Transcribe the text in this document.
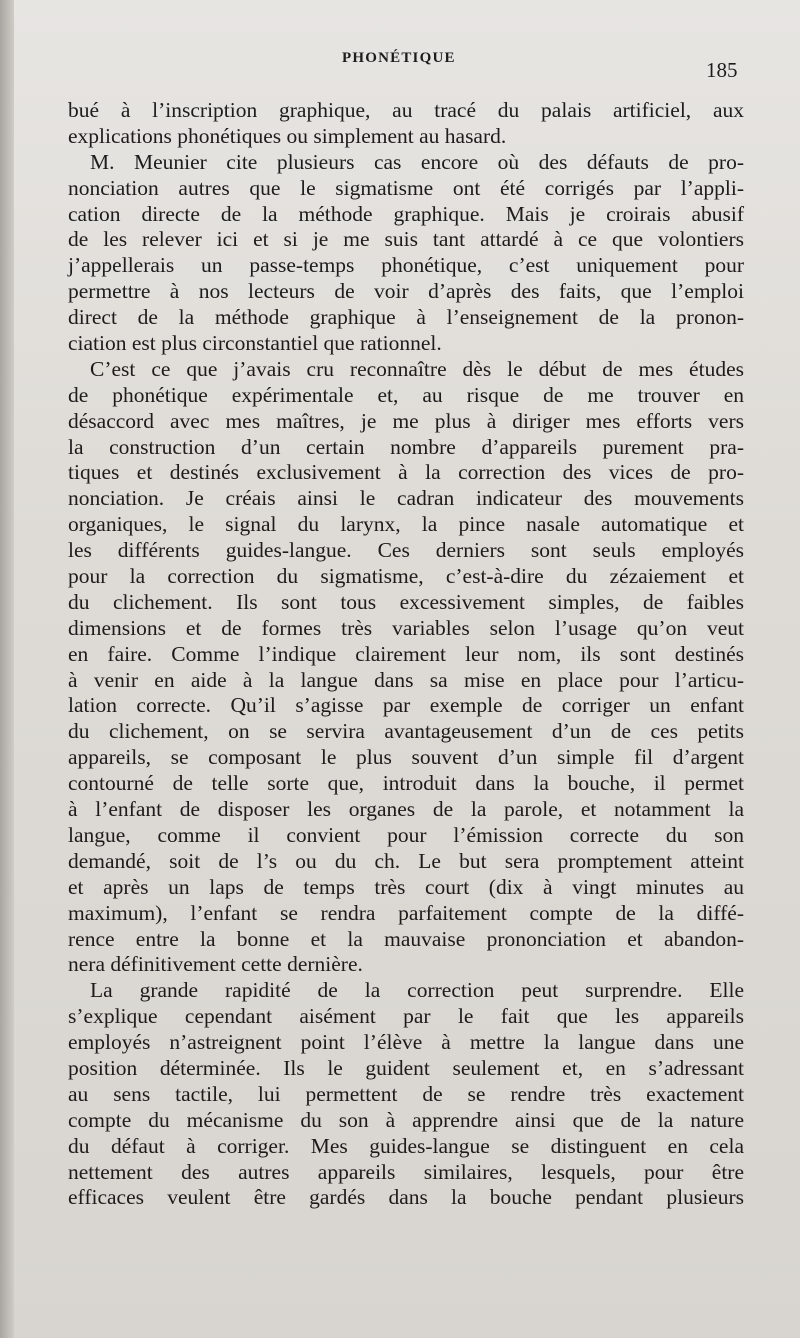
PHONÉTIQUE	185
bué à l’inscription graphique, au tracé du palais artificiel, aux
explications phonétiques ou simplement au hasard.
M. Meunier cite plusieurs cas encore où des défauts de pro-
nonciation autres que le sigmatisme ont été corrigés par l’appli-
cation directe de la méthode graphique. Mais je croirais abusif
de les relever ici et si je me suis tant attardé à ce que volontiers
j’appellerais un passe-temps phonétique, c’est uniquement pour
permettre à nos lecteurs de voir d’après des faits, que l’emploi
direct de la méthode graphique à l’enseignement de la pronon-
ciation est plus circonstantiel que rationnel.
C’est ce que j’avais cru reconnaître dès le début de mes études
de phonétique expérimentale et, au risque de me trouver en
désaccord avec mes maîtres, je me plus à diriger mes efforts vers
la construction d’un certain nombre d’appareils purement pra-
tiques et destinés exclusivement à la correction des vices de pro-
nonciation. Je créais ainsi le cadran indicateur des mouvements
organiques, le signal du larynx, la pince nasale automatique et
les différents guides-langue. Ces derniers sont seuls employés
pour la correction du sigmatisme, c’est-à-dire du zézaiement et
du clichement. Ils sont tous excessivement simples, de faibles
dimensions et de formes très variables selon l’usage qu’on veut
en faire. Comme l’indique clairement leur nom, ils sont destinés
à venir en aide à la langue dans sa mise en place pour l’articu-
lation correcte. Qu’il s’agisse par exemple de corriger un enfant
du clichement, on se servira avantageusement d’un de ces petits
appareils, se composant le plus souvent d’un simple fil d’argent
contourné de telle sorte que, introduit dans la bouche, il permet
à l’enfant de disposer les organes de la parole, et notamment la
langue, comme il convient pour l’émission correcte du son
demandé, soit de l’s ou du ch. Le but sera promptement atteint
et après un laps de temps très court (dix à vingt minutes au
maximum), l’enfant se rendra parfaitement compte de la diffé-
rence entre la bonne et la mauvaise prononciation et abandon-
nera définitivement cette dernière.
La grande rapidité de la correction peut surprendre. Elle
s’explique cependant aisément par le fait que les appareils
employés n’astreignent point l’élève à mettre la langue dans une
position déterminée. Ils le guident seulement et, en s’adressant
au sens tactile, lui permettent de se rendre très exactement
compte du mécanisme du son à apprendre ainsi que de la nature
du défaut à corriger. Mes guides-langue se distinguent en cela
nettement des autres appareils similaires, lesquels, pour être
efficaces veulent être gardés dans la bouche pendant plusieurs
